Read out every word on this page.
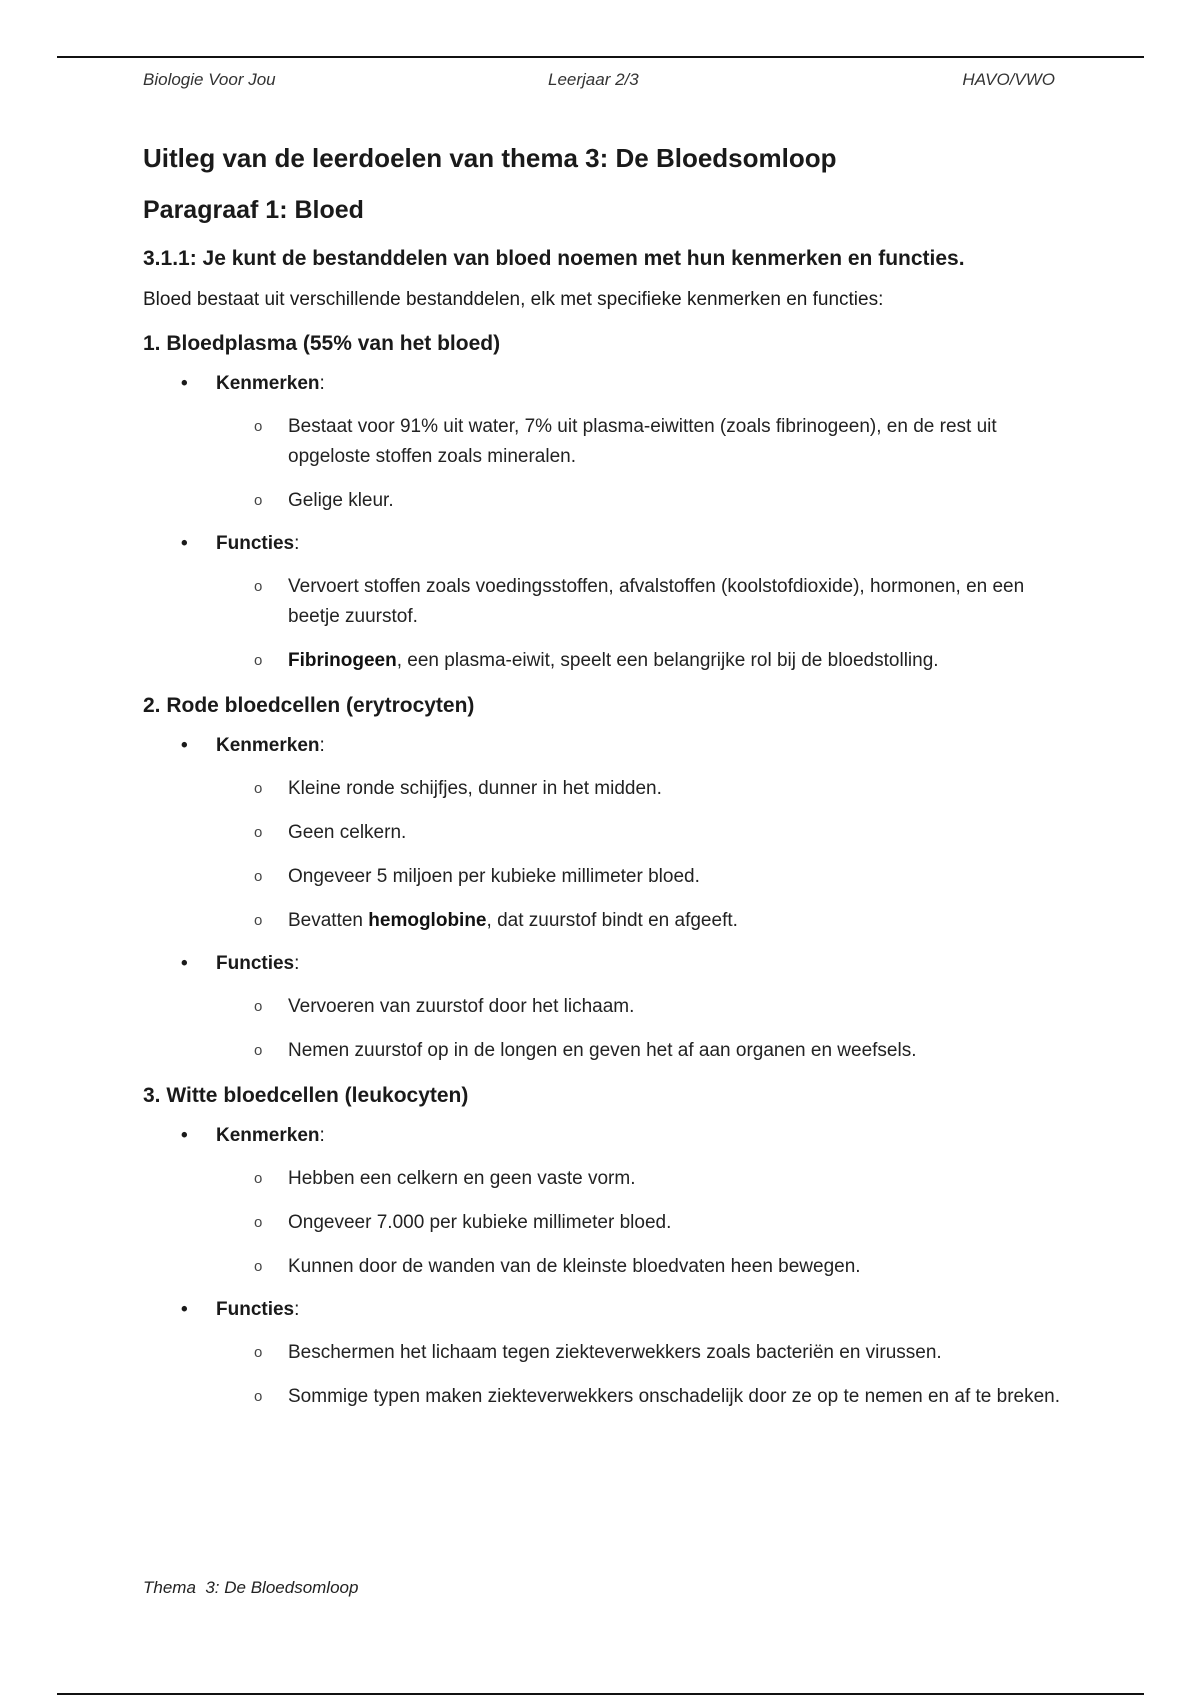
Biologie Voor Jou	Leerjaar 2/3	HAVO/VWO
Uitleg van de leerdoelen van thema 3: De Bloedsomloop
Paragraaf 1: Bloed
3.1.1: Je kunt de bestanddelen van bloed noemen met hun kenmerken en functies.

Bloed bestaat uit verschillende bestanddelen, elk met specifieke kenmerken en functies:

1. Bloedplasma (55% van het bloed)
• Kenmerken:
o Bestaat voor 91% uit water, 7% uit plasma-eiwitten (zoals fibrinogeen), en de rest uit opgeloste stoffen zoals mineralen.
o Gelige kleur.
• Functies:
o Vervoert stoffen zoals voedingsstoffen, afvalstoffen (koolstofdioxide), hormonen, en een beetje zuurstof.
o Fibrinogeen, een plasma-eiwit, speelt een belangrijke rol bij de bloedstolling.
2. Rode bloedcellen (erytrocyten)
• Kenmerken:
o Kleine ronde schijfjes, dunner in het midden.
o Geen celkern.
o Ongeveer 5 miljoen per kubieke millimeter bloed.
o Bevatten hemoglobine, dat zuurstof bindt en afgeeft.
• Functies:
o Vervoeren van zuurstof door het lichaam.
o Nemen zuurstof op in de longen en geven het af aan organen en weefsels.
3. Witte bloedcellen (leukocyten)
• Kenmerken:
o Hebben een celkern en geen vaste vorm.
o Ongeveer 7.000 per kubieke millimeter bloed.
o Kunnen door de wanden van de kleinste bloedvaten heen bewegen.
• Functies:
o Beschermen het lichaam tegen ziekteverwekkers zoals bacteriën en virussen.
o Sommige typen maken ziekteverwekkers onschadelijk door ze op te nemen en af te breken.
Thema  3: De Bloedsomloop
